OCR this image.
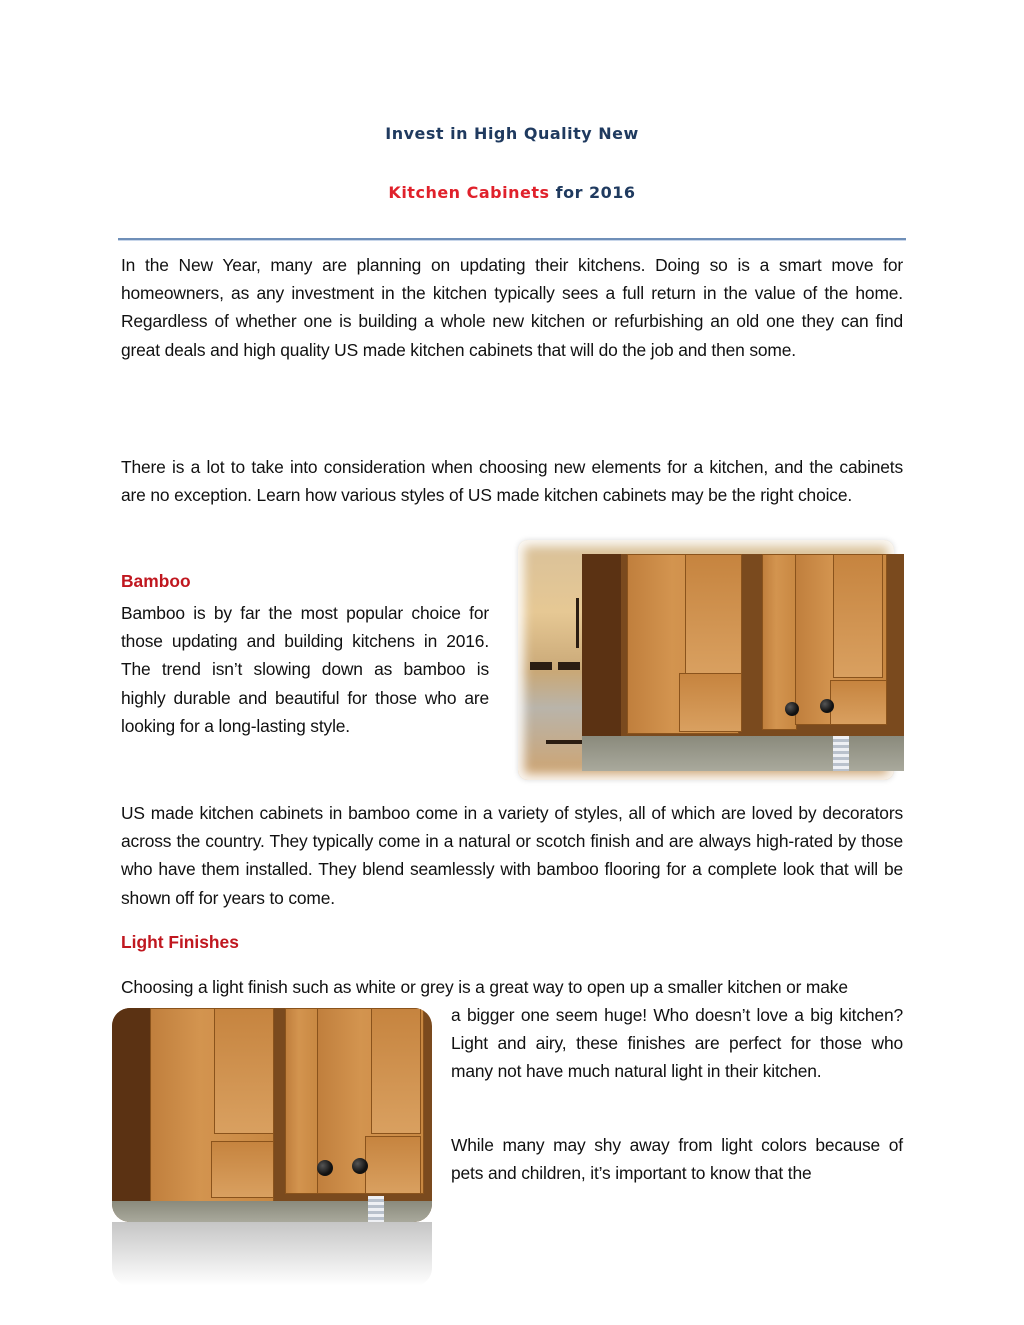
Invest in High Quality New
Kitchen Cabinets for 2016

In the New Year, many are planning on updating their kitchens. Doing so is a smart move for homeowners, as any investment in the kitchen typically sees a full return in the value of the home. Regardless of whether one is building a whole new kitchen or refurbishing an old one they can find great deals and high quality US made kitchen cabinets that will do the job and then some.

There is a lot to take into consideration when choosing new elements for a kitchen, and the cabinets are no exception. Learn how various styles of US made kitchen cabinets may be the right choice.

Bamboo

Bamboo is by far the most popular choice for those updating and building kitchens in 2016. The trend isn’t slowing down as bamboo is highly durable and beautiful for those who are looking for a long-lasting style.

US made kitchen cabinets in bamboo come in a variety of styles, all of which are loved by decorators across the country. They typically come in a natural or scotch finish and are always high-rated by those who have them installed. They blend seamlessly with bamboo flooring for a complete look that will be shown off for years to come.

Light Finishes

Choosing a light finish such as white or grey is a great way to open up a smaller kitchen or make

a bigger one seem huge! Who doesn’t love a big kitchen? Light and airy, these finishes are perfect for those who many not have much natural light in their kitchen.

While many may shy away from light colors because of pets and children, it’s important to know that the
